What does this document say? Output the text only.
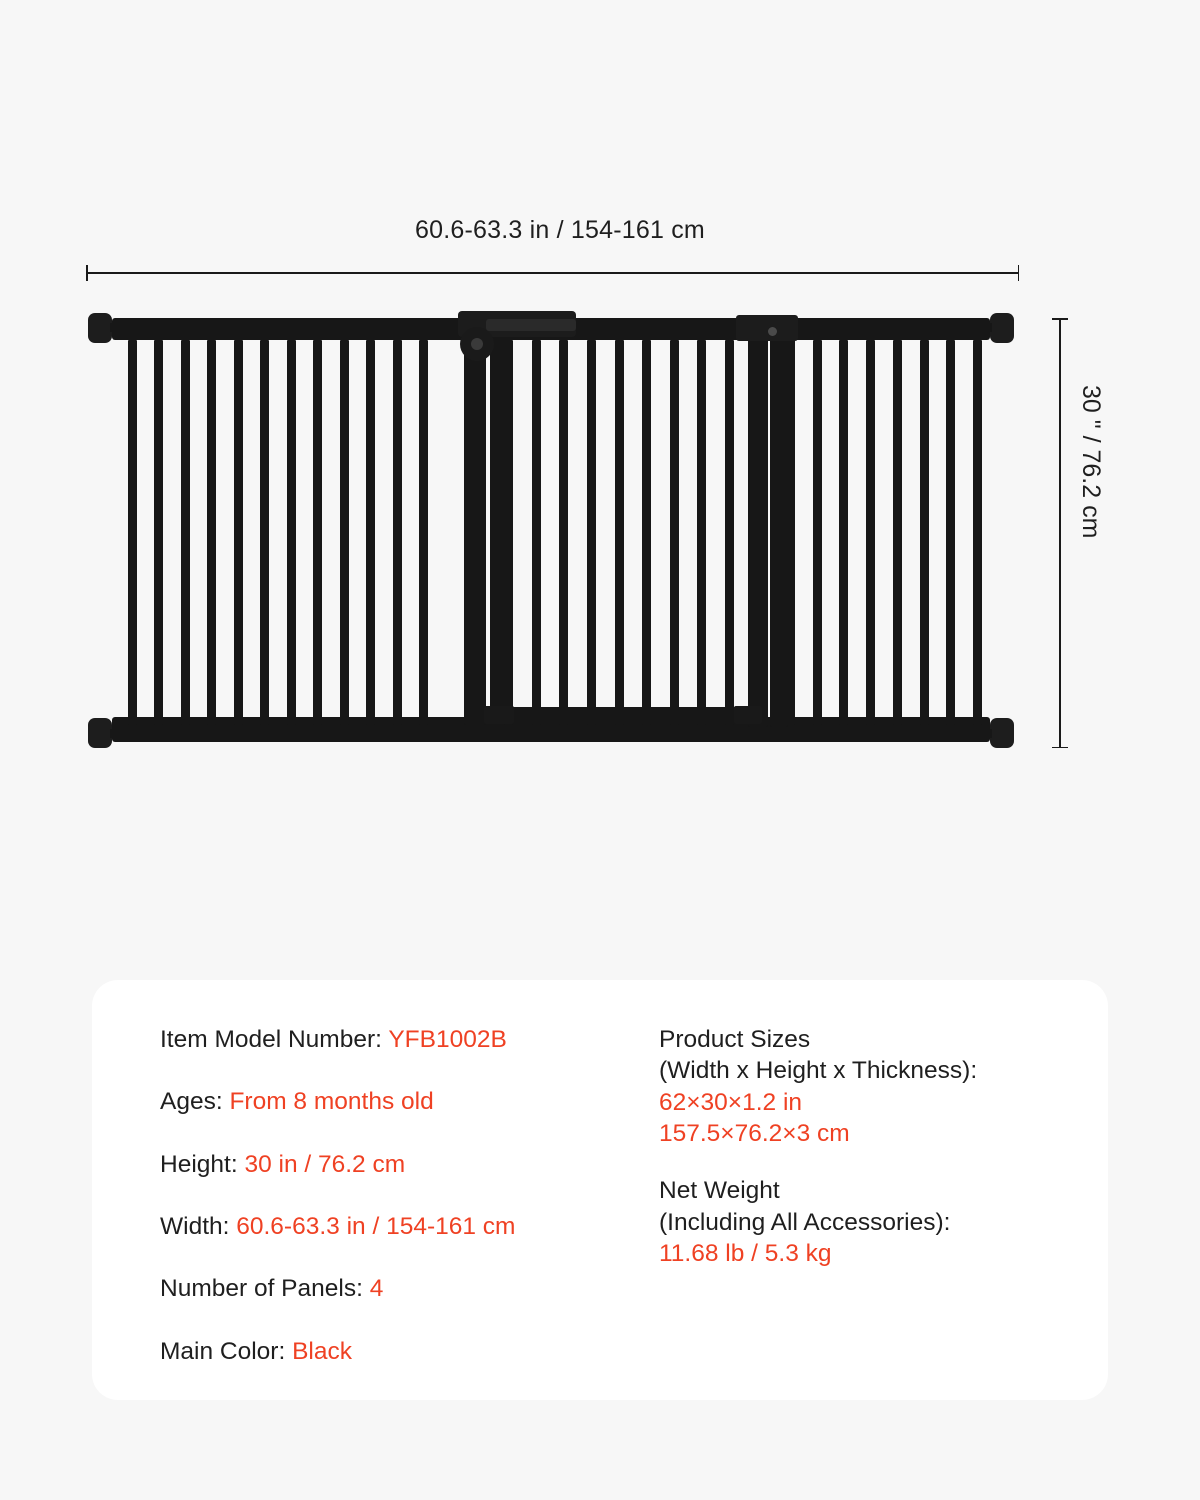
60.6-63.3 in / 154-161 cm
30 " / 76.2 cm
Item Model Number: YFB1002B
Ages: From 8 months old
Height: 30 in / 76.2 cm
Width: 60.6-63.3 in / 154-161 cm
Number of Panels: 4
Main Color: Black
Product Sizes
(Width x Height x Thickness):
62×30×1.2 in
157.5×76.2×3 cm
Net Weight
(Including All Accessories):
11.68 lb / 5.3 kg
